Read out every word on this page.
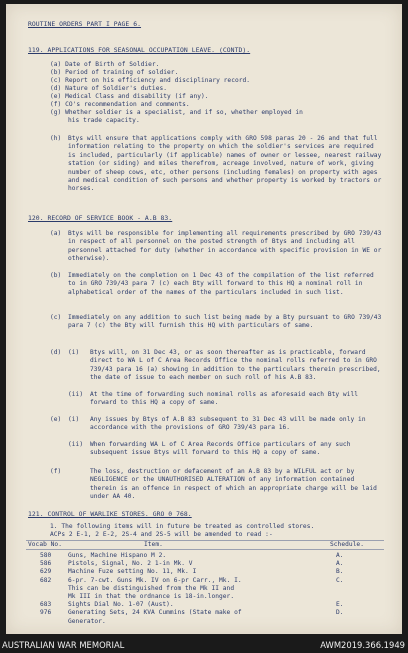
ROUTINE ORDERS PART I PAGE 6.
119. APPLICATIONS FOR SEASONAL OCCUPATION LEAVE. (CONTD).
(a) Date of Birth of Soldier.
(b) Period of training of soldier.
(c) Report on his efficiency and disciplinary record.
(d) Nature of Soldier's duties.
(e) Medical Class and disability (if any).
(f) CO's recommendation and comments.
(g) Whether soldier is a specialist, and if so, whether employed in
his trade capacity.
(h) Btys will ensure that applications comply with GRO 598 paras 20 - 26 and that full information relating to the property on which the soldier's services are required is included, particularly (if applicable) names of owner or lessee, nearest railway station (or siding) and miles therefrom, acreage involved, nature of work, giving number of sheep cows, etc, other persons (including females) on property with ages and medical condition of such persons and whether property is worked by tractors or horses.
120. RECORD OF SERVICE BOOK - A.B 83.
(a) Btys will be responsible for implementing all requirements prescribed by GRO 739/43 in respect of all personnel on the posted strength of Btys and including all personnel attached for duty (whether in accordance with specific provision in WE or otherwise).
(b) Immediately on the completion on 1 Dec 43 of the compilation of the list referred to in GRO 739/43 para 7 (c) each Bty will forward to this HQ a nominal roll in alphabetical order of the names of the particulars included in such list.
(c) Immediately on any addition to such list being made by a Bty pursuant to GRO 739/43 para 7 (c) the Bty will furnish this HQ with particulars of same.
(d) (i) Btys will, on 31 Dec 43, or as soon thereafter as is practicable, forward direct to WA L of C Area Records Office the nominal rolls referred to in GRO 739/43 para 16 (a) showing in addition to the particulars therein prescribed, the date of issue to each member on such roll of his A.B 83.
(ii) At the time of forwarding such nominal rolls as aforesaid each Bty will forward to this HQ a copy of same.
(e) (i) Any issues by Btys of A.B 83 subsequent to 31 Dec 43 will be made only in accordance with the provisions of GRO 739/43 para 16.
(ii) When forwarding WA L of C Area Records Office particulars of any such subsequent issue Btys will forward to this HQ a copy of same.
(f)	The loss, destruction or defacement of an A.B 83 by a WILFUL act or by NEGLIGENCE or the UNAUTHORISED ALTERATION of any information contained therein is an offence in respect of which an appropriate charge will be laid under AA 40.
121. CONTROL OF WARLIKE STORES. GRO 0 768.
1. The following items will in future be treated as controlled stores.
ACPs 2 E-1, 2 E-2, 2S-4 and 2S-5 will be amended to read :-
Vocab No.	Item.	Schedule.
580	Guns, Machine Hispano M 2.	A.
586	Pistols, Signal, No. 2 1-in Mk. V	A.
629	Machine Fuze setting No. 11, Mk. I	B.
682	6-pr. 7-cwt. Guns Mk. IV on 6-pr Carr., Mk. I.	C.
This can be distinguished from the Mk II and
Mk III in that the ordnance is 18-in.longer.
683	Sights Dial No. 1-07 (Aust).	E.
976	Generating Sets, 24 KVA Cummins (State make of	D.
Generator.
AUSTRALIAN WAR MEMORIAL	AWM2019.366.1949
